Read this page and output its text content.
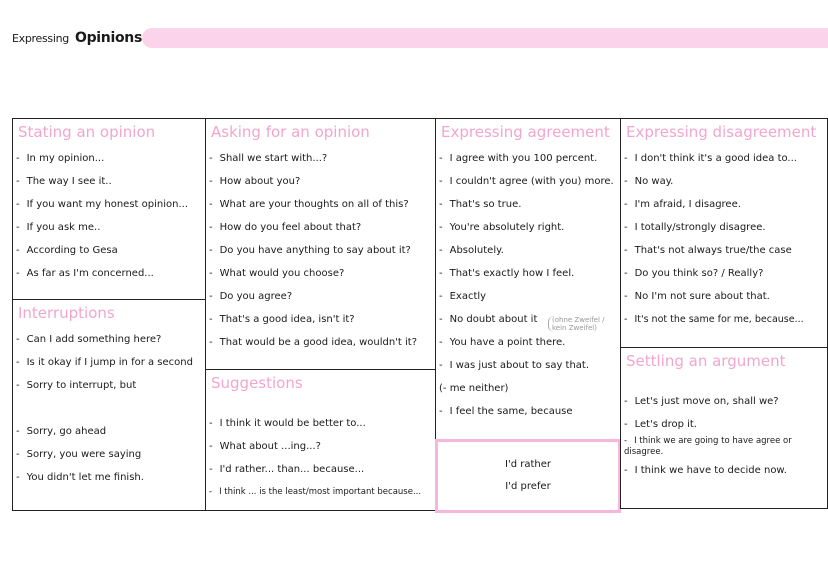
Expressing Opinions
Stating an opinion
- In my opinion...
- The way I see it..
- If you want my honest opinion...
- If you ask me..
- According to Gesa
- As far as I'm concerned...
Interruptions
- Can I add something here?
- Is it okay if I jump in for a second
- Sorry to interrupt, but
- Sorry, go ahead
- Sorry, you were saying
- You didn't let me finish.
Asking for an opinion
- Shall we start with...?
- How about you?
- What are your thoughts on all of this?
- How do you feel about that?
- Do you have anything to say about it?
- What would you choose?
- Do you agree?
- That's a good idea, isn't it?
- That would be a good idea, wouldn't it?
Suggestions
- I think it would be better to...
- What about ...ing...?
- I'd rather... than... because...
- I think ... is the least/most important because...
Expressing agreement
- I agree with you 100 percent.
- I couldn't agree (with you) more.
- That's so true.
- You're absolutely right.
- Absolutely.
- That's exactly how I feel.
- Exactly
- No doubt about it
- You have a point there.
- I was just about to say that.
(- me neither)
- I feel the same, because
(ohne Zweifel / kein Zweifel)
I'd rather
I'd prefer
Expressing disagreement
- I don't think it's a good idea to...
- No way.
- I'm afraid, I disagree.
- I totally/strongly disagree.
- That's not always true/the case
- Do you think so? / Really?
- No I'm not sure about that.
- It's not the same for me, because...
Settling an argument
- Let's just move on, shall we?
- Let's drop it.
- I think we are going to have agree or disagree.
- I think we have to decide now.
